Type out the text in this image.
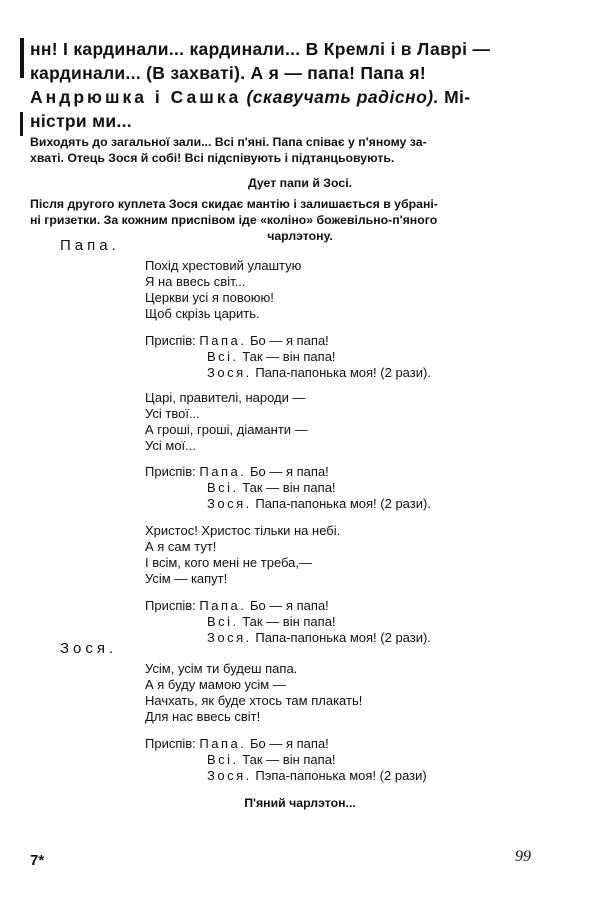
нн! І кардинали... кардинали... В Кремлі і в Лаврі —
кардинали... (В захваті). А я — папа! Папа я!
Андрюшка і Сашка (скавучать радісно). Мі-
ністри ми...
Виходять до загальної зали... Всі п'яні. Папа співає у п'яному за-
хваті. Отець Зося й собі! Всі підспівують і підтанцьовують.
Дует папи й Зосі.
Після другого куплета Зося скидає мантію і залишається в убрані-
ні гризетки. За кожним приспівом іде «коліно» божевільно-п'яного
чарлэтону.
Папа.
Похід хрестовий улаштую
Я на ввесь світ...
Церкви усі я повоюю!
Щоб скрізь царить.
Приспів: Папа. Бо — я папа!
Всі. Так — він папа!
Зося. Папа-папонька моя! (2 рази).
Царі, правителі, народи —
Усі твої...
А гроші, гроші, діаманти —
Усі мої...
Приспів: Папа. Бо — я папа!
Всі. Так — він папа!
Зося. Папа-папонька моя! (2 рази).
Христос! Христос тільки на небі.
А я сам тут!
І всім, кого мені не треба,—
Усім — капут!
Приспів: Папа. Бо — я папа!
Всі. Так — він папа!
Зося. Папа-папонька моя! (2 рази).
Зося.
Усім, усім ти будеш папа.
А я буду мамою усім —
Начхать, як буде хтось там плакать!
Для нас ввесь світ!
Приспів: Папа. Бо — я папа!
Всі. Так — він папа!
Зося. Пэпа-папонька моя! (2 рази)
П'яний чарлэтон...
7*	99
